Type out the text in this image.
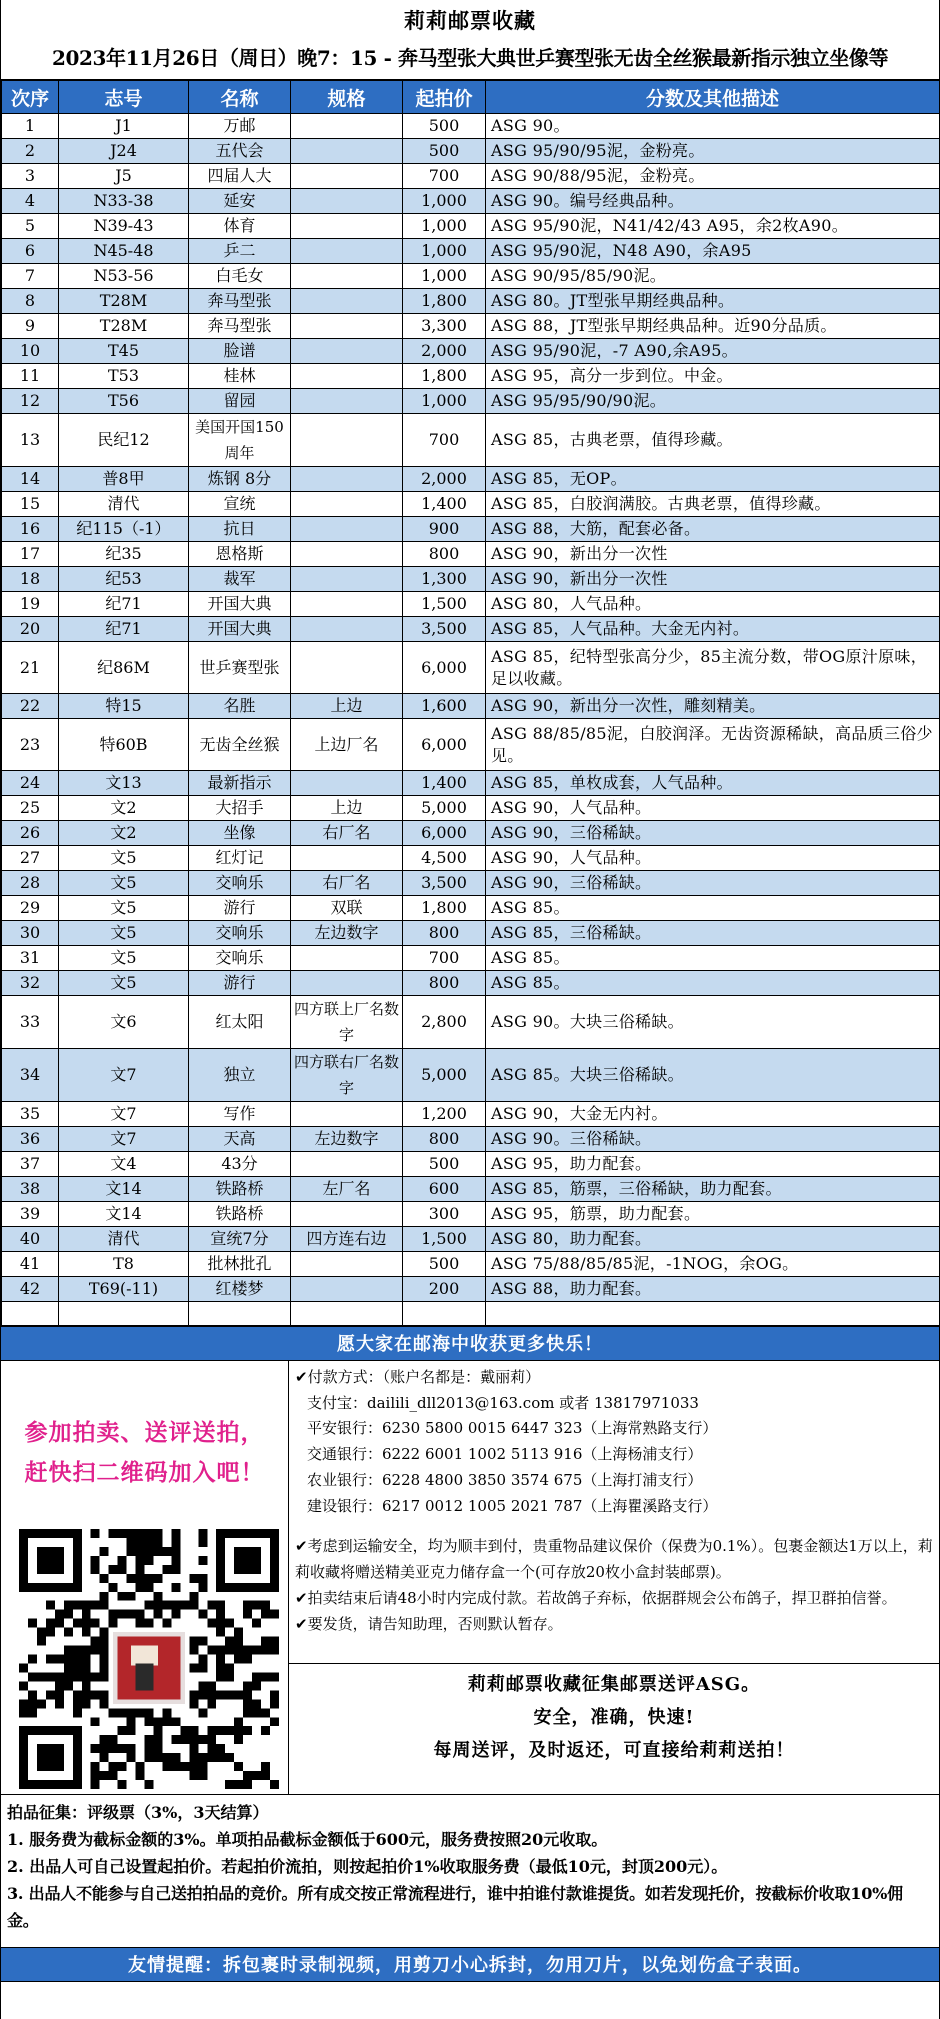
莉莉邮票收藏
2023年11月26日（周日）晚7：15 - 奔马型张大典世乒赛型张无齿全丝猴最新指示独立坐像等
次序	志号	名称	规格	起拍价	分数及其他描述
1	J1	万邮		500	ASG 90。
2	J24	五代会		500	ASG 95/90/95泥，金粉亮。
3	J5	四届人大		700	ASG 90/88/95泥，金粉亮。
4	N33-38	延安		1,000	ASG 90。编号经典品种。
5	N39-43	体育		1,000	ASG 95/90泥，N41/42/43 A95，余2枚A90。
6	N45-48	乒二		1,000	ASG 95/90泥，N48 A90，余A95
7	N53-56	白毛女		1,000	ASG 90/95/85/90泥。
8	T28M	奔马型张		1,800	ASG 80。JT型张早期经典品种。
9	T28M	奔马型张		3,300	ASG 88，JT型张早期经典品种。近90分品质。
10	T45	脸谱		2,000	ASG 95/90泥，-7 A90,余A95。
11	T53	桂林		1,800	ASG 95，高分一步到位。中金。
12	T56	留园		1,000	ASG 95/95/90/90泥。
13	民纪12	美国开国150周年		700	ASG 85，古典老票，值得珍藏。
14	普8甲	炼钢 8分		2,000	ASG 85，无OP。
15	清代	宣统		1,400	ASG 85，白胶润满胶。古典老票，值得珍藏。
16	纪115（-1）	抗日		900	ASG 88，大筋，配套必备。
17	纪35	恩格斯		800	ASG 90，新出分一次性
18	纪53	裁军		1,300	ASG 90，新出分一次性
19	纪71	开国大典		1,500	ASG 80，人气品种。
20	纪71	开国大典		3,500	ASG 85，人气品种。大金无内衬。
21	纪86M	世乒赛型张		6,000	ASG 85，纪特型张高分少，85主流分数，带OG原汁原味，足以收藏。
22	特15	名胜	上边	1,600	ASG 90，新出分一次性，雕刻精美。
23	特60B	无齿全丝猴	上边厂名	6,000	ASG 88/85/85泥，白胶润泽。无齿资源稀缺，高品质三俗少见。
24	文13	最新指示		1,400	ASG 85，单枚成套，人气品种。
25	文2	大招手	上边	5,000	ASG 90，人气品种。
26	文2	坐像	右厂名	6,000	ASG 90，三俗稀缺。
27	文5	红灯记		4,500	ASG 90，人气品种。
28	文5	交响乐	右厂名	3,500	ASG 90，三俗稀缺。
29	文5	游行	双联	1,800	ASG 85。
30	文5	交响乐	左边数字	800	ASG 85，三俗稀缺。
31	文5	交响乐		700	ASG 85。
32	文5	游行		800	ASG 85。
33	文6	红太阳	四方联上厂名数字	2,800	ASG 90。大块三俗稀缺。
34	文7	独立	四方联右厂名数字	5,000	ASG 85。大块三俗稀缺。
35	文7	写作		1,200	ASG 90，大金无内衬。
36	文7	天高	左边数字	800	ASG 90。三俗稀缺。
37	文4	43分		500	ASG 95，助力配套。
38	文14	铁路桥	左厂名	600	ASG 85，筋票，三俗稀缺，助力配套。
39	文14	铁路桥		300	ASG 95，筋票，助力配套。
40	清代	宣统7分	四方连右边	1,500	ASG 80，助力配套。
41	T8	批林批孔		500	ASG 75/88/85/85泥，-1NOG，余OG。
42	T69(-11)	红楼梦		200	ASG 88，助力配套。

愿大家在邮海中收获更多快乐！
参加拍卖、送评送拍，
赶快扫二维码加入吧！

✔付款方式：（账户名都是：戴丽莉）

支付宝：dailili_dll2013@163.com 或者 13817971033

平安银行：6230 5800 0015 6447 323（上海常熟路支行）

交通银行：6222 6001 1002 5113 916（上海杨浦支行）

农业银行：6228 4800 3850 3574 675（上海打浦支行）

建设银行：6217 0012 1005 2021 787（上海瞿溪路支行）

✔考虑到运输安全，均为顺丰到付，贵重物品建议保价（保费为0.1%）。包裹金额达1万以上，莉莉收藏将赠送精美亚克力储存盒一个(可存放20枚小盒封装邮票)。

✔拍卖结束后请48小时内完成付款。若故鸽子弃标，依据群规会公布鸽子，捍卫群拍信誉。

✔要发货，请告知助理，否则默认暂存。

莉莉邮票收藏征集邮票送评ASG。
安全，准确，快速!
每周送评，及时返还，可直接给莉莉送拍！
拍品征集：评级票（3%，3天结算）
1. 服务费为截标金额的3%。单项拍品截标金额低于600元，服务费按照20元收取。
2. 出品人可自己设置起拍价。若起拍价流拍，则按起拍价1%收取服务费（最低10元，封顶200元）。
3. 出品人不能参与自己送拍拍品的竞价。所有成交按正常流程进行，谁中拍谁付款谁提货。如若发现托价，按截标价收取10%佣金。
友情提醒：拆包裹时录制视频，用剪刀小心拆封，勿用刀片，以免划伤盒子表面。
